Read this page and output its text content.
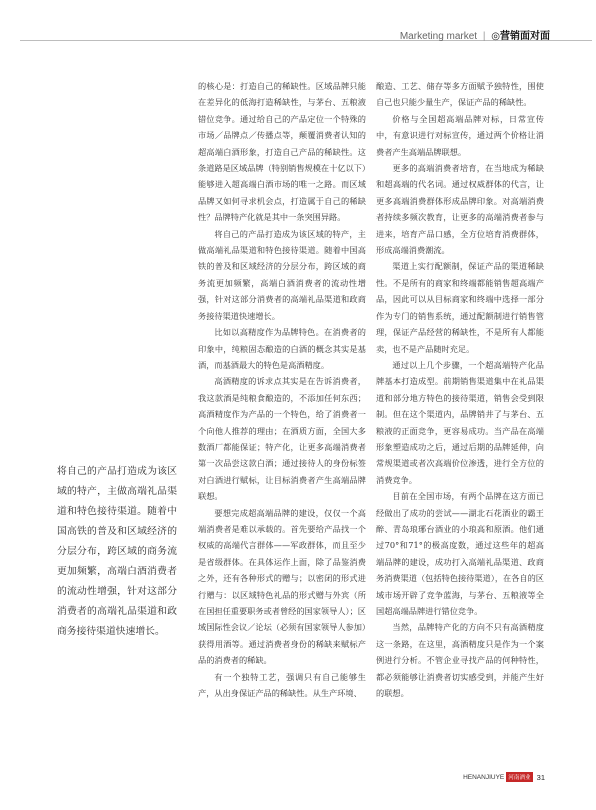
Marketing market | ◎营销面对面

的核心是：打造自己的稀缺性。区域品牌只能在差异化的低海打造稀缺性，与茅台、五粮液错位竞争。通过给自己的产品定位一个特殊的市场／品牌点／传播点等，颠覆消费者认知的超高端白酒形象，打造自己产品的稀缺性。这条道路是区域品牌（特别销售规模在十亿以下）能够进入超高端白酒市场的唯一之路。而区域品牌又如何寻求机会点，打造属于自己的稀缺性？品牌特产化就是其中一条突围异路。

将自己的产品打造成为该区域的特产，主做高端礼品渠道和特色接待渠道。随着中国高铁的普及和区域经济的分层分布，跨区域的商务流更加频繁，高端白酒消费者的流动性增强，针对这部分消费者的高端礼品渠道和政商务接待渠道快速增长。

比如以高精度作为品牌特色。在消费者的印象中，纯粮固态酿造的白酒的概念其实是基酒，而基酒最大的特色是高酒精度。

高酒精度的诉求点其实是在告诉消费者，我这款酒是纯粮食酿造的，不添加任何东西；高酒精度作为产品的一个特色，给了消费者一个向他人推荐的理由；在酒质方面，全国大多数酒厂都能保证；特产化，让更多高端消费者第一次品尝这款白酒；通过接待人的身份标签对白酒进行赋标，让目标消费者产生高端品牌联想。

要想完成超高端品牌的建设，仅仅一个高端消费者是难以承载的。首先要给产品找一个权威的高端代言群体——军政群体，而且至少是省级群体。在具体运作上面，除了品鉴消费之外，还有各种形式的赠与；以密闭的形式进行赠与：以区域特色礼品的形式赠与外宾（所在国担任重要职务或者曾经的国家领导人）；区域国际性会议／论坛（必须有国家领导人参加）获得用酒等。通过消费者身份的稀缺来赋标产品的消费者的稀缺。

有一个独特工艺，强调只有自己能够生产，从出身保证产品的稀缺性。从生产环境、

酿造、工艺、储存等多方面赋予独特性，围使自己也只能少量生产，保证产品的稀缺性。

价格与全国超高端品牌对标，日常宣传中，有意识进行对标宣传，通过两个价格让消费者产生高端品牌联想。

更多的高端消费者培育，在当地成为稀缺和超高端的代名词。通过权威群体的代言，让更多高端消费群体形成品牌印象。对高端消费者持续多频次教育，让更多的高端消费者参与进来，培育产品口感，全方位培育消费群体，形成高端消费潮流。

渠道上实行配额制，保证产品的渠道稀缺性。不是所有的商家和终端都能销售超高端产品，因此可以从目标商家和终端中选择一部分作为专门的销售系统，通过配额制进行销售管理，保证产品经营的稀缺性，不是所有人都能卖，也不是产品随时充足。

通过以上几个步骤，一个超高端特产化品牌基本打造成型。前期销售渠道集中在礼品渠道和部分地方特色的接待渠道，销售会受到限制。但在这个渠道内，品牌销井了与茅台、五粮液的正面竞争，更容易成功。当产品在高端形象塑造成功之后，通过后期的品牌延伸，向常规渠道或者次高端价位渗透，进行全方位的消费竞争。

目前在全国市场，有两个品牌在这方面已经做出了成功的尝试——湖北石花酒业的霸王醉、青岛琅琊台酒业的小琅高和原酒。他们通过70°和71°的极高度数，通过这些年的超高端品牌的建设，成功打入高端礼品渠道、政商务消费渠道（包括特色接待渠道），在各自的区域市场开辟了竞争蓝海，与茅台、五粮液等全国超高端品牌进行错位竞争。

当然，品牌特产化的方向不只有高酒精度这一条路，在这里，高酒精度只是作为一个案例进行分析。不管企业寻找产品的何种特性，都必须能够让消费者切实感受到，并能产生好的联想。

将自己的产品打造成为该区域的特产，主做高端礼品渠道和特色接待渠道。随着中国高铁的普及和区域经济的分层分布，跨区域的商务流更加频繁，高端白酒消费者的流动性增强，针对这部分消费者的高端礼品渠道和政商务接待渠道快速增长。
HENANJIUYE 河南酒业 31
